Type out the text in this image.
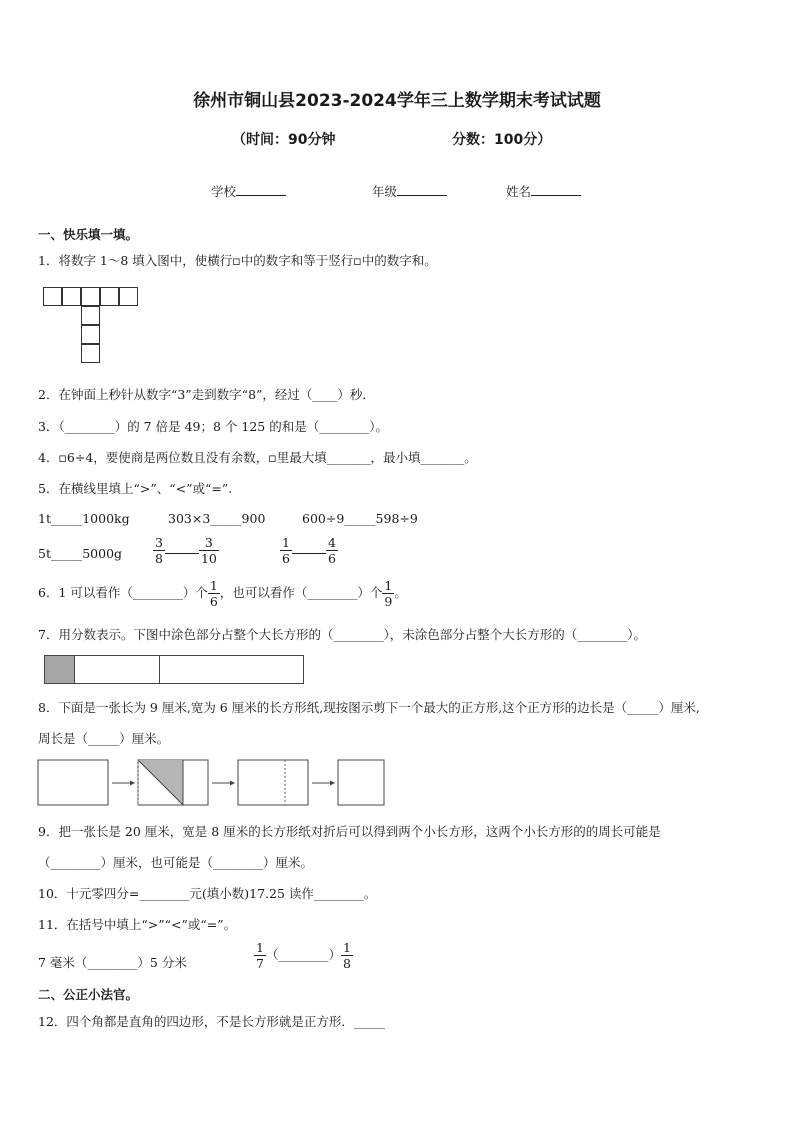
徐州市铜山县2023-2024学年三上数学期末考试试题
（时间：90分钟	分数：100分）
学校	年级	姓名
一、快乐填一填。
1．将数字 1～8 填入图中，使横行▫中的数字和等于竖行▫中的数字和。
2．在钟面上秒针从数字“3”走到数字“8”，经过（____）秒．
3．（________）的 7 倍是 49；8 个 125 的和是（________）。
4．▫6÷4，要使商是两位数且没有余数，▫里最大填_______，最小填_______。
5．在横线里填上“>”、“<”或“=”.
1t_____1000kg	303×3_____900	600÷9_____598÷9
5t_____5000g $\frac{3}{8}$	$\frac{3}{10}$	$\frac{1}{6}$	$\frac{4}{6}$
6．1 可以看作（________）个 $\frac{1}{6}$ ，也可以看作（________）个 $\frac{1}{9}$ 。
7．用分数表示。下图中涂色部分占整个大长方形的（________），未涂色部分占整个大长方形的（________）。
8．下面是一张长为 9 厘米,宽为 6 厘米的长方形纸,现按图示剪下一个最大的正方形,这个正方形的边长是（_____）厘米,
周长是（_____）厘米。
9．把一张长是 20 厘米，宽是 8 厘米的长方形纸对折后可以得到两个小长方形，这两个小长方形的的周长可能是
（________）厘米，也可能是（________）厘米。
10．十元零四分=________元(填小数)17.25 读作________。
11．在括号中填上“>”“<”或“=”。
7 毫米（________）5 分米	$\frac{1}{7}$ （________） $\frac{1}{8}$
二、公正小法官。
12．四个角都是直角的四边形，不是长方形就是正方形．_____
